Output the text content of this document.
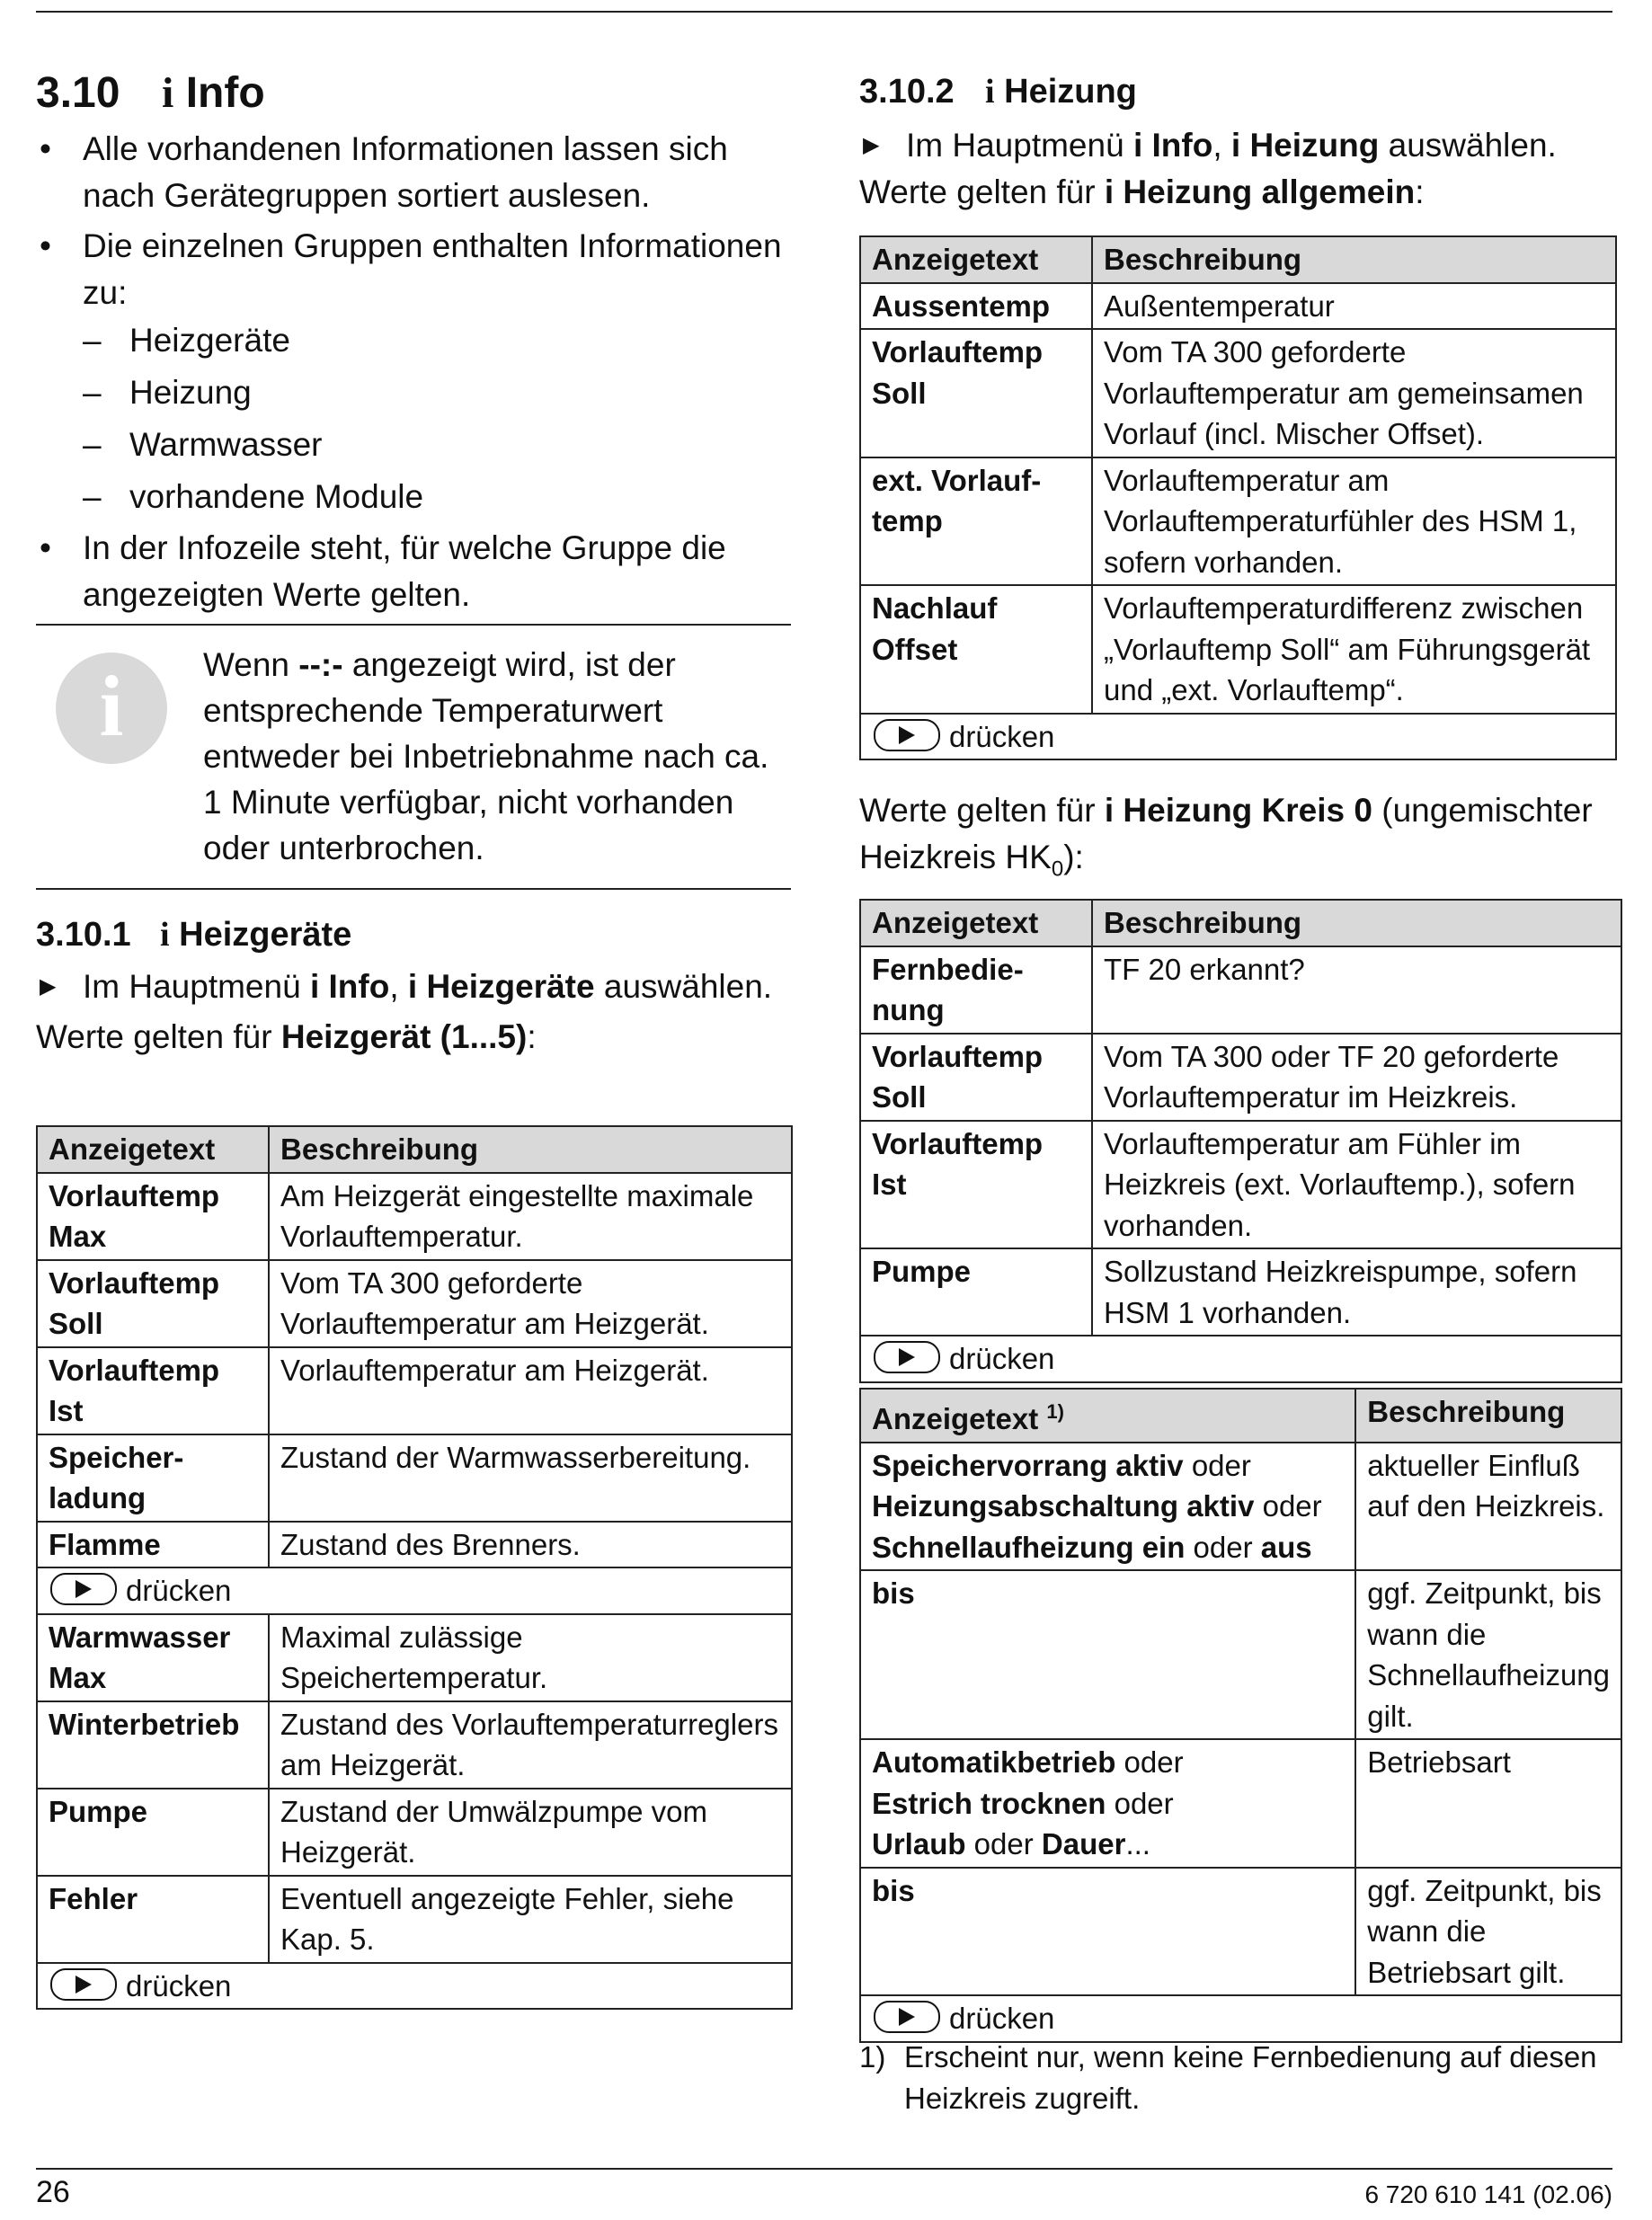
3.10 i Info
• Alle vorhandenen Informationen lassen sich nach Gerätegruppen sortiert auslesen.
• Die einzelnen Gruppen enthalten Informationen zu:
– Heizgeräte
– Heizung
– Warmwasser
– vorhandene Module
• In der Infozeile steht, für welche Gruppe die angezeigten Werte gelten.
i	Wenn --:- angezeigt wird, ist der entsprechende Temperaturwert entweder bei Inbetriebnahme nach ca. 1 Minute verfügbar, nicht vorhanden oder unterbrochen.
3.10.1 i Heizgeräte
▶ Im Hauptmenü i Info, i Heizgeräte auswählen.
Werte gelten für Heizgerät (1...5):
Anzeigetext	Beschreibung
Vorlauftemp
Max	Am Heizgerät eingestellte maximale Vorlauftemperatur.
Vorlauftemp
Soll	Vom TA 300 geforderte Vorlauftemperatur am Heizgerät.
Vorlauftemp
Ist	Vorlauftemperatur am Heizgerät.
Speicher-
ladung	Zustand der Warmwasserbereitung.
Flamme	Zustand des Brenners.
drücken	
Warmwasser
Max	Maximal zulässige Speichertemperatur.
Winterbetrieb	Zustand des Vorlauftemperaturreglers am Heizgerät.
Pumpe	Zustand der Umwälzpumpe vom Heizgerät.
Fehler	Eventuell angezeigte Fehler, siehe Kap. 5.
drücken	
3.10.2 i Heizung
▶ Im Hauptmenü i Info, i Heizung auswählen.
Werte gelten für i Heizung allgemein:
Anzeigetext	Beschreibung
Aussentemp	Außentemperatur
Vorlauftemp
Soll	Vom TA 300 geforderte Vorlauftemperatur am gemeinsamen Vorlauf (incl. Mischer Offset).
ext. Vorlauf-
temp	Vorlauftemperatur am Vorlauftemperaturfühler des HSM 1, sofern vorhanden.
Nachlauf
Offset	Vorlauftemperaturdifferenz zwischen „Vorlauftemp Soll“ am Führungsgerät und „ext. Vorlauftemp“.
drücken	
Werte gelten für i Heizung Kreis 0 (ungemischter Heizkreis $HK_0$):
Anzeigetext	Beschreibung
Fernbedie-
nung	TF 20 erkannt?
Vorlauftemp
Soll	Vom TA 300 oder TF 20 geforderte Vorlauftemperatur im Heizkreis.
Vorlauftemp
Ist	Vorlauftemperatur am Fühler im Heizkreis (ext. Vorlauftemp.), sofern vorhanden.
Pumpe	Sollzustand Heizkreispumpe, sofern HSM 1 vorhanden.
drücken	
Anzeigetext $^{1)}$	Beschreibung
Speichervorrang aktiv oder
Heizungsabschaltung aktiv oder
Schnellaufheizung ein oder aus	aktueller Einfluß auf den Heizkreis.
bis	ggf. Zeitpunkt, bis wann die Schnellaufheizung gilt.
Automatikbetrieb oder
Estrich trocknen oder
Urlaub oder Dauer...	Betriebsart
bis	ggf. Zeitpunkt, bis wann die Betriebsart gilt.
drücken	
1) Erscheint nur, wenn keine Fernbedienung auf diesen Heizkreis zugreift.
26	6 720 610 141 (02.06)
